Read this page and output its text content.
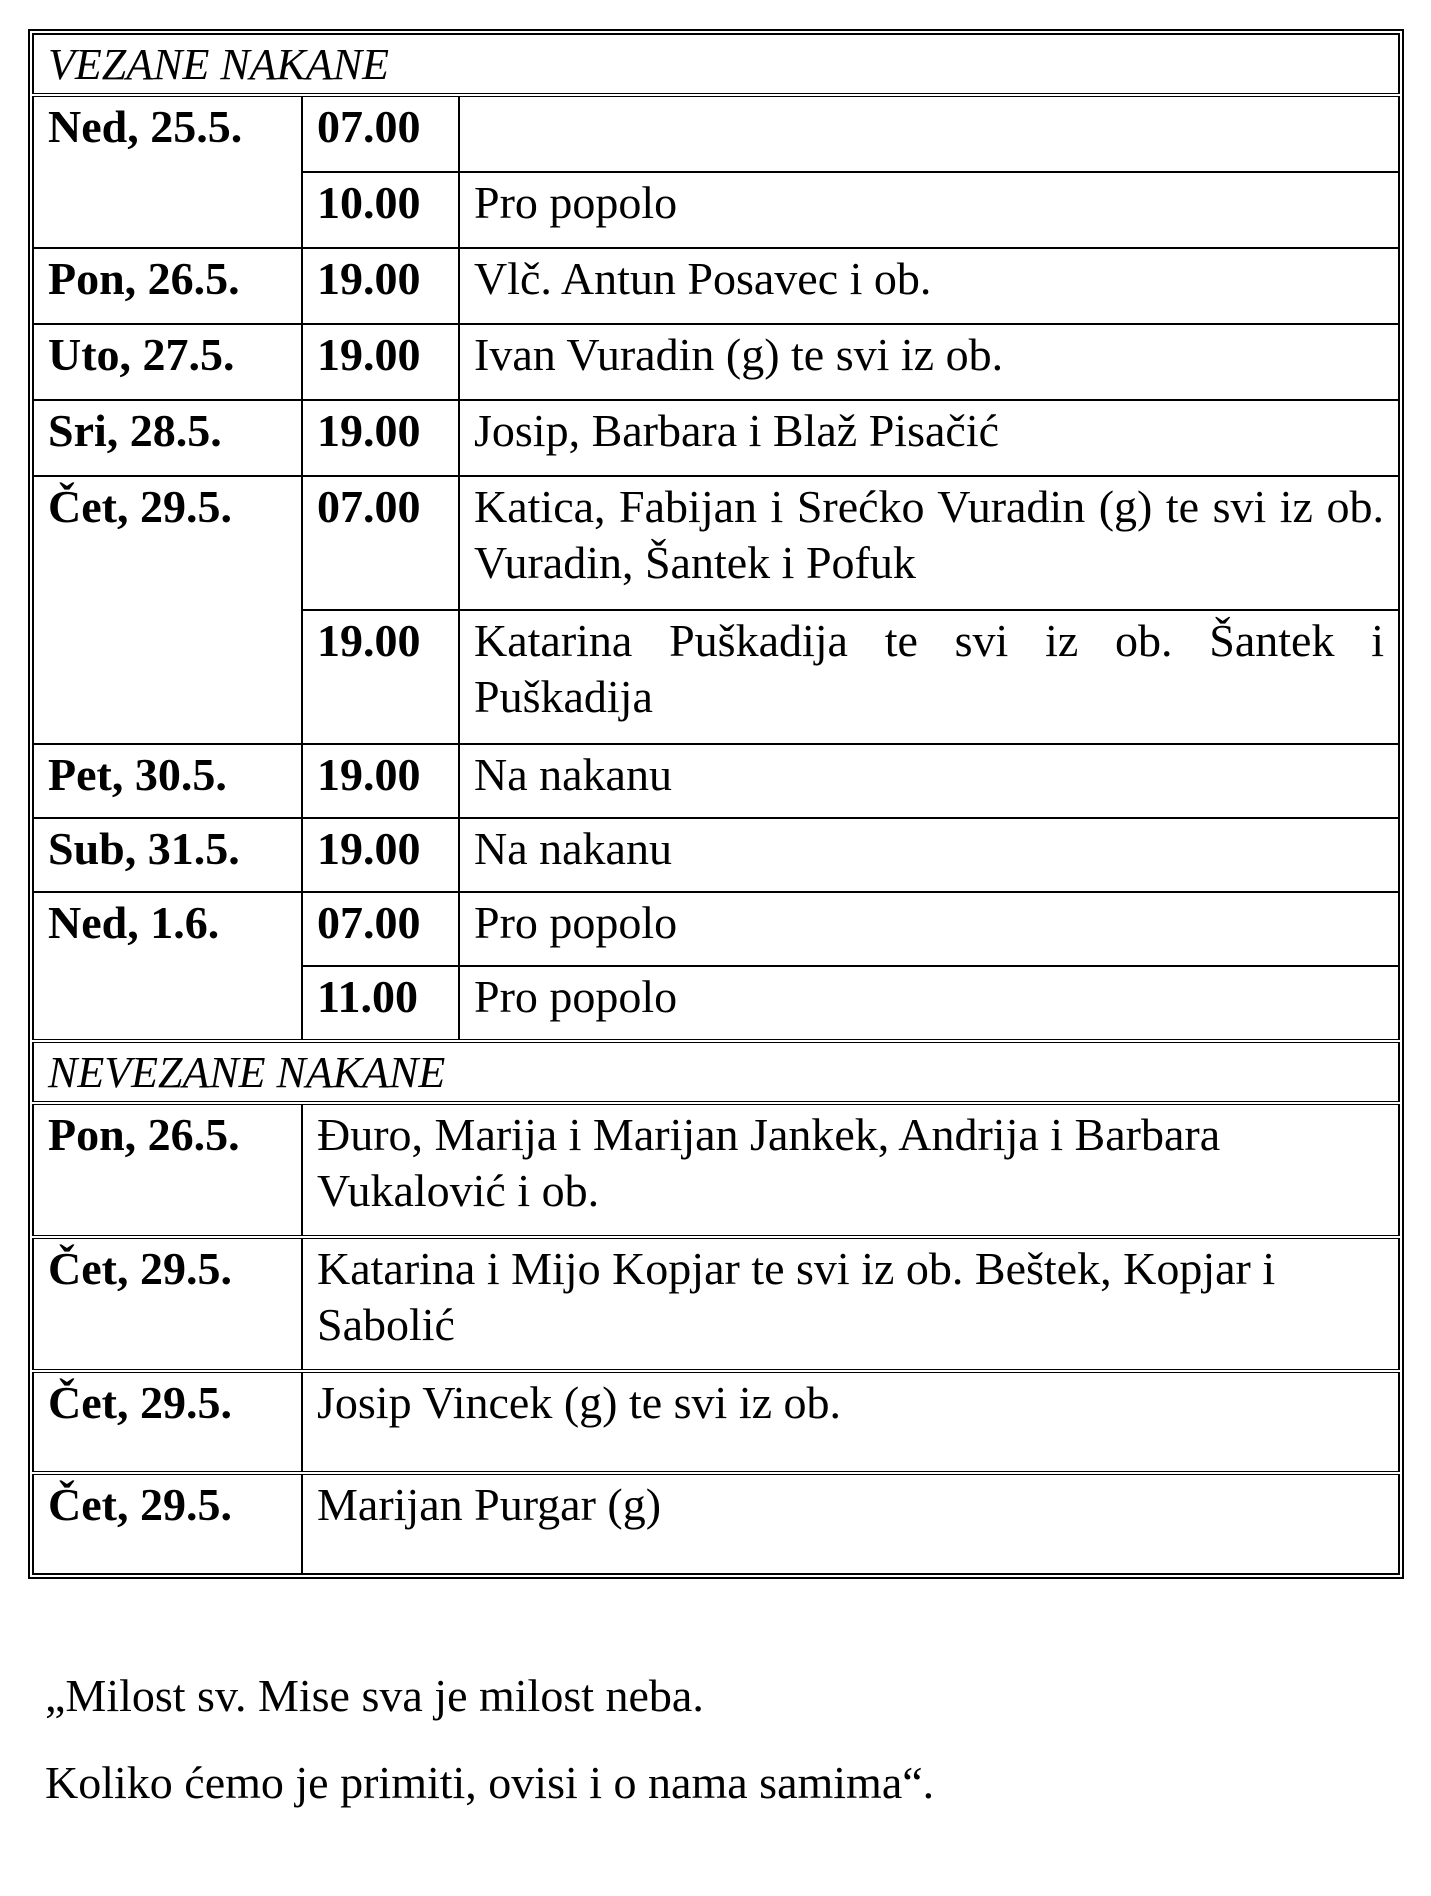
VEZANE NAKANE		
Ned, 25.5.	07.00	
	10.00	Pro popolo
Pon, 26.5.	19.00	Vlč. Antun Posavec i ob.
Uto, 27.5.	19.00	Ivan Vuradin (g) te svi iz ob.
Sri, 28.5.	19.00	Josip, Barbara i Blaž Pisačić
Čet, 29.5.	07.00	Katica, Fabijan i Srećko Vuradin (g) te svi iz ob. Vuradin, Šantek i Pofuk
	19.00	Katarina Puškadija te svi iz ob. Šantek i Puškadija
Pet, 30.5.	19.00	Na nakanu
Sub, 31.5.	19.00	Na nakanu
Ned, 1.6.	07.00	Pro popolo
	11.00	Pro popolo
NEVEZANE NAKANE		
Pon, 26.5.	Đuro, Marija i Marijan Jankek, Andrija i Barbara Vukalović i ob.	
Čet, 29.5.	Katarina i Mijo Kopjar te svi iz ob. Beštek, Kopjar i Sabolić	
Čet, 29.5.	Josip Vincek (g) te svi iz ob.	
Čet, 29.5.	Marijan Purgar (g)	
„Milost sv. Mise sva je milost neba.
Koliko ćemo je primiti, ovisi i o nama samima“.
